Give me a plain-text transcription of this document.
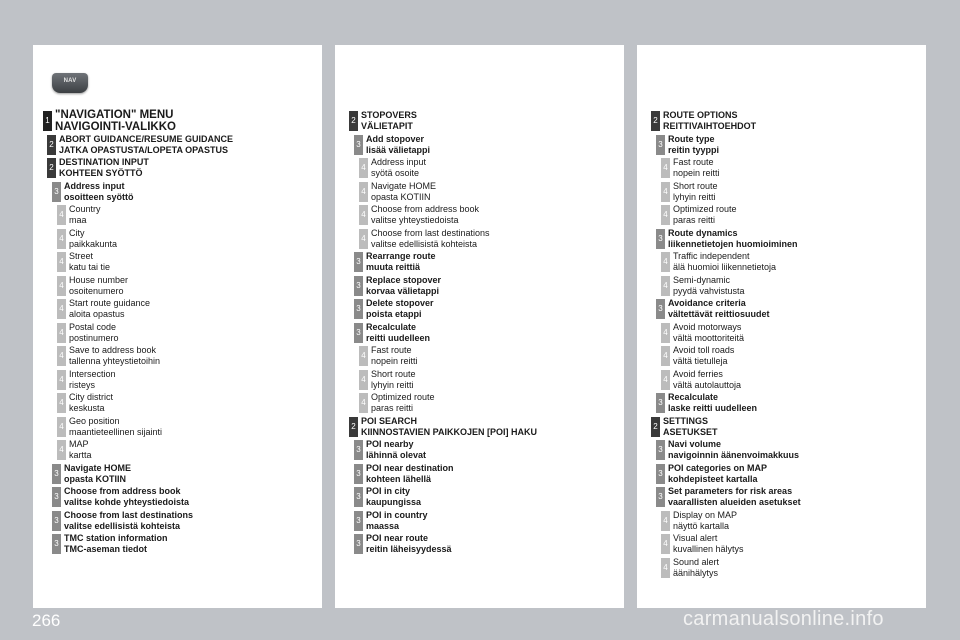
NAV
1 "NAVIGATION" MENU
NAVIGOINTI-VALIKKO
2
ABORT GUIDANCE/RESUME GUIDANCE
JATKA OPASTUSTA/LOPETA OPASTUS
2
DESTINATION INPUT
KOHTEEN SYÖTTÖ
3
Address input
osoitteen syöttö
4
Country
maa
4
City
paikkakunta
4
Street
katu tai tie
4
House number
osoitenumero
4
Start route guidance
aloita opastus
4
Postal code
postinumero
4
Save to address book
tallenna yhteystietoihin
4
Intersection
risteys
4
City district
keskusta
4
Geo position
maantieteellinen sijainti
4
MAP
kartta
3
Navigate HOME
opasta KOTIIN
3
Choose from address book
valitse kohde yhteystiedoista
3
Choose from last destinations
valitse edellisistä kohteista
3
TMC station information
TMC-aseman tiedot
2
STOPOVERS
VÄLIETAPIT
3
Add stopover
lisää välietappi
4
Address input
syötä osoite
4
Navigate HOME
opasta KOTIIN
4
Choose from address book
valitse yhteystiedoista
4
Choose from last destinations
valitse edellisistä kohteista
3
Rearrange route
muuta reittiä
3
Replace stopover
korvaa välietappi
3
Delete stopover
poista etappi
3
Recalculate
reitti uudelleen
4
Fast route
nopein reitti
4
Short route
lyhyin reitti
4
Optimized route
paras reitti
2
POI SEARCH
KIINNOSTAVIEN PAIKKOJEN [POI] HAKU
3
POI nearby
lähinnä olevat
3
POI near destination
kohteen lähellä
3
POI in city
kaupungissa
3
POI in country
maassa
3
POI near route
reitin läheisyydessä
2
ROUTE OPTIONS
REITTIVAIHTOEHDOT
3
Route type
reitin tyyppi
4
Fast route
nopein reitti
4
Short route
lyhyin reitti
4
Optimized route
paras reitti
3
Route dynamics
liikennetietojen huomioiminen
4
Traffic independent
älä huomioi liikennetietoja
4
Semi-dynamic
pyydä vahvistusta
3
Avoidance criteria
vältettävät reittiosuudet
4
Avoid motorways
vältä moottoriteitä
4
Avoid toll roads
vältä tietulleja
4
Avoid ferries
vältä autolauttoja
3
Recalculate
laske reitti uudelleen
2
SETTINGS
ASETUKSET
3
Navi volume
navigoinnin äänenvoimakkuus
3
POI categories on MAP
kohdepisteet kartalla
3
Set parameters for risk areas
vaarallisten alueiden asetukset
4
Display on MAP
näyttö kartalla
4
Visual alert
kuvallinen hälytys
4
Sound alert
äänihälytys
266	carmanualsonline.info
